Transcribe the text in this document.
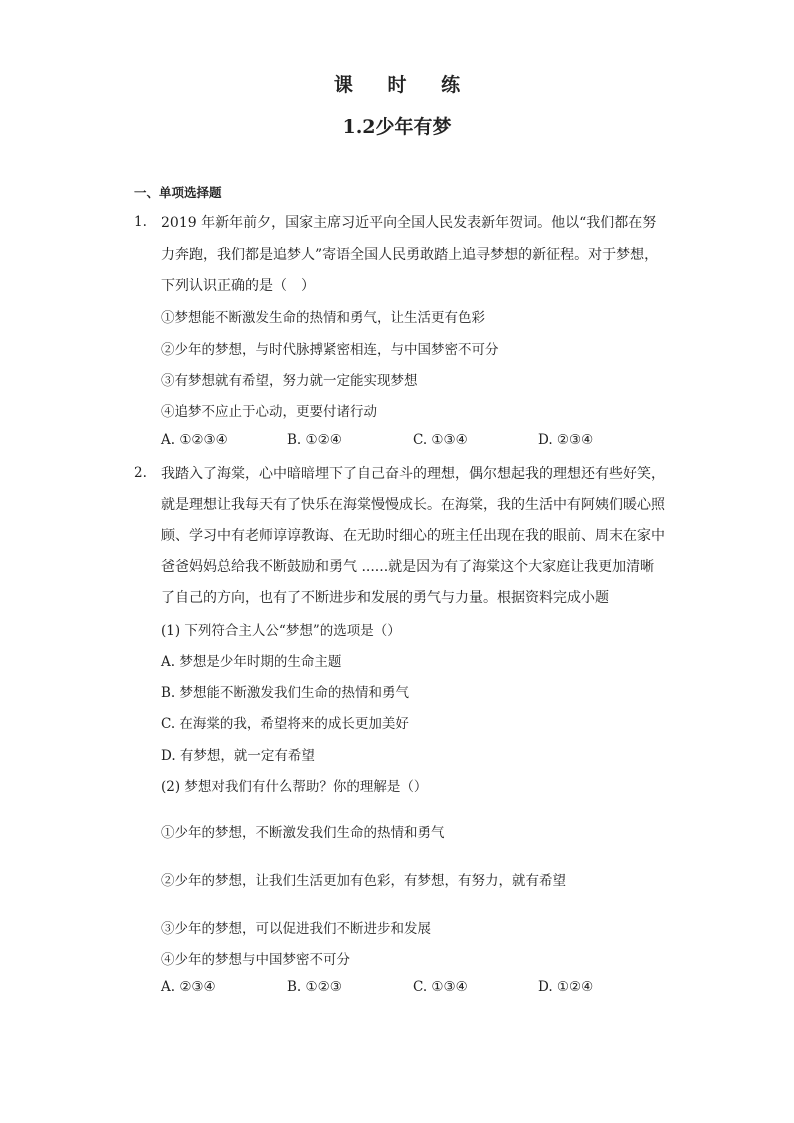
课 时 练
1.2少年有梦
一、单项选择题
1. 2019 年新年前夕，国家主席习近平向全国人民发表新年贺词。他以“我们都在努
力奔跑，我们都是追梦人”寄语全国人民勇敢踏上追寻梦想的新征程。对于梦想，
下列认识正确的是（　）
①梦想能不断激发生命的热情和勇气，让生活更有色彩
②少年的梦想，与时代脉搏紧密相连，与中国梦密不可分
③有梦想就有希望，努力就一定能实现梦想
④追梦不应止于心动，更要付诸行动
A. ①②③④	B. ①②④	C. ①③④	D. ②③④
2. 我踏入了海棠，心中暗暗埋下了自己奋斗的理想，偶尔想起我的理想还有些好笑，
就是理想让我每天有了快乐在海棠慢慢成长。在海棠，我的生活中有阿姨们暖心照
顾、学习中有老师谆谆教诲、在无助时细心的班主任出现在我的眼前、周末在家中
爸爸妈妈总给我不断鼓励和勇气 ......就是因为有了海棠这个大家庭让我更加清晰
了自己的方向，也有了不断进步和发展的勇气与力量。根据资料完成小题
(1) 下列符合主人公“梦想”的选项是（）
A. 梦想是少年时期的生命主题
B. 梦想能不断激发我们生命的热情和勇气
C. 在海棠的我，希望将来的成长更加美好
D. 有梦想，就一定有希望
(2) 梦想对我们有什么帮助？你的理解是（）
①少年的梦想，不断激发我们生命的热情和勇气
②少年的梦想，让我们生活更加有色彩，有梦想，有努力，就有希望
③少年的梦想，可以促进我们不断进步和发展
④少年的梦想与中国梦密不可分
A. ②③④	B. ①②③	C. ①③④	D. ①②④
